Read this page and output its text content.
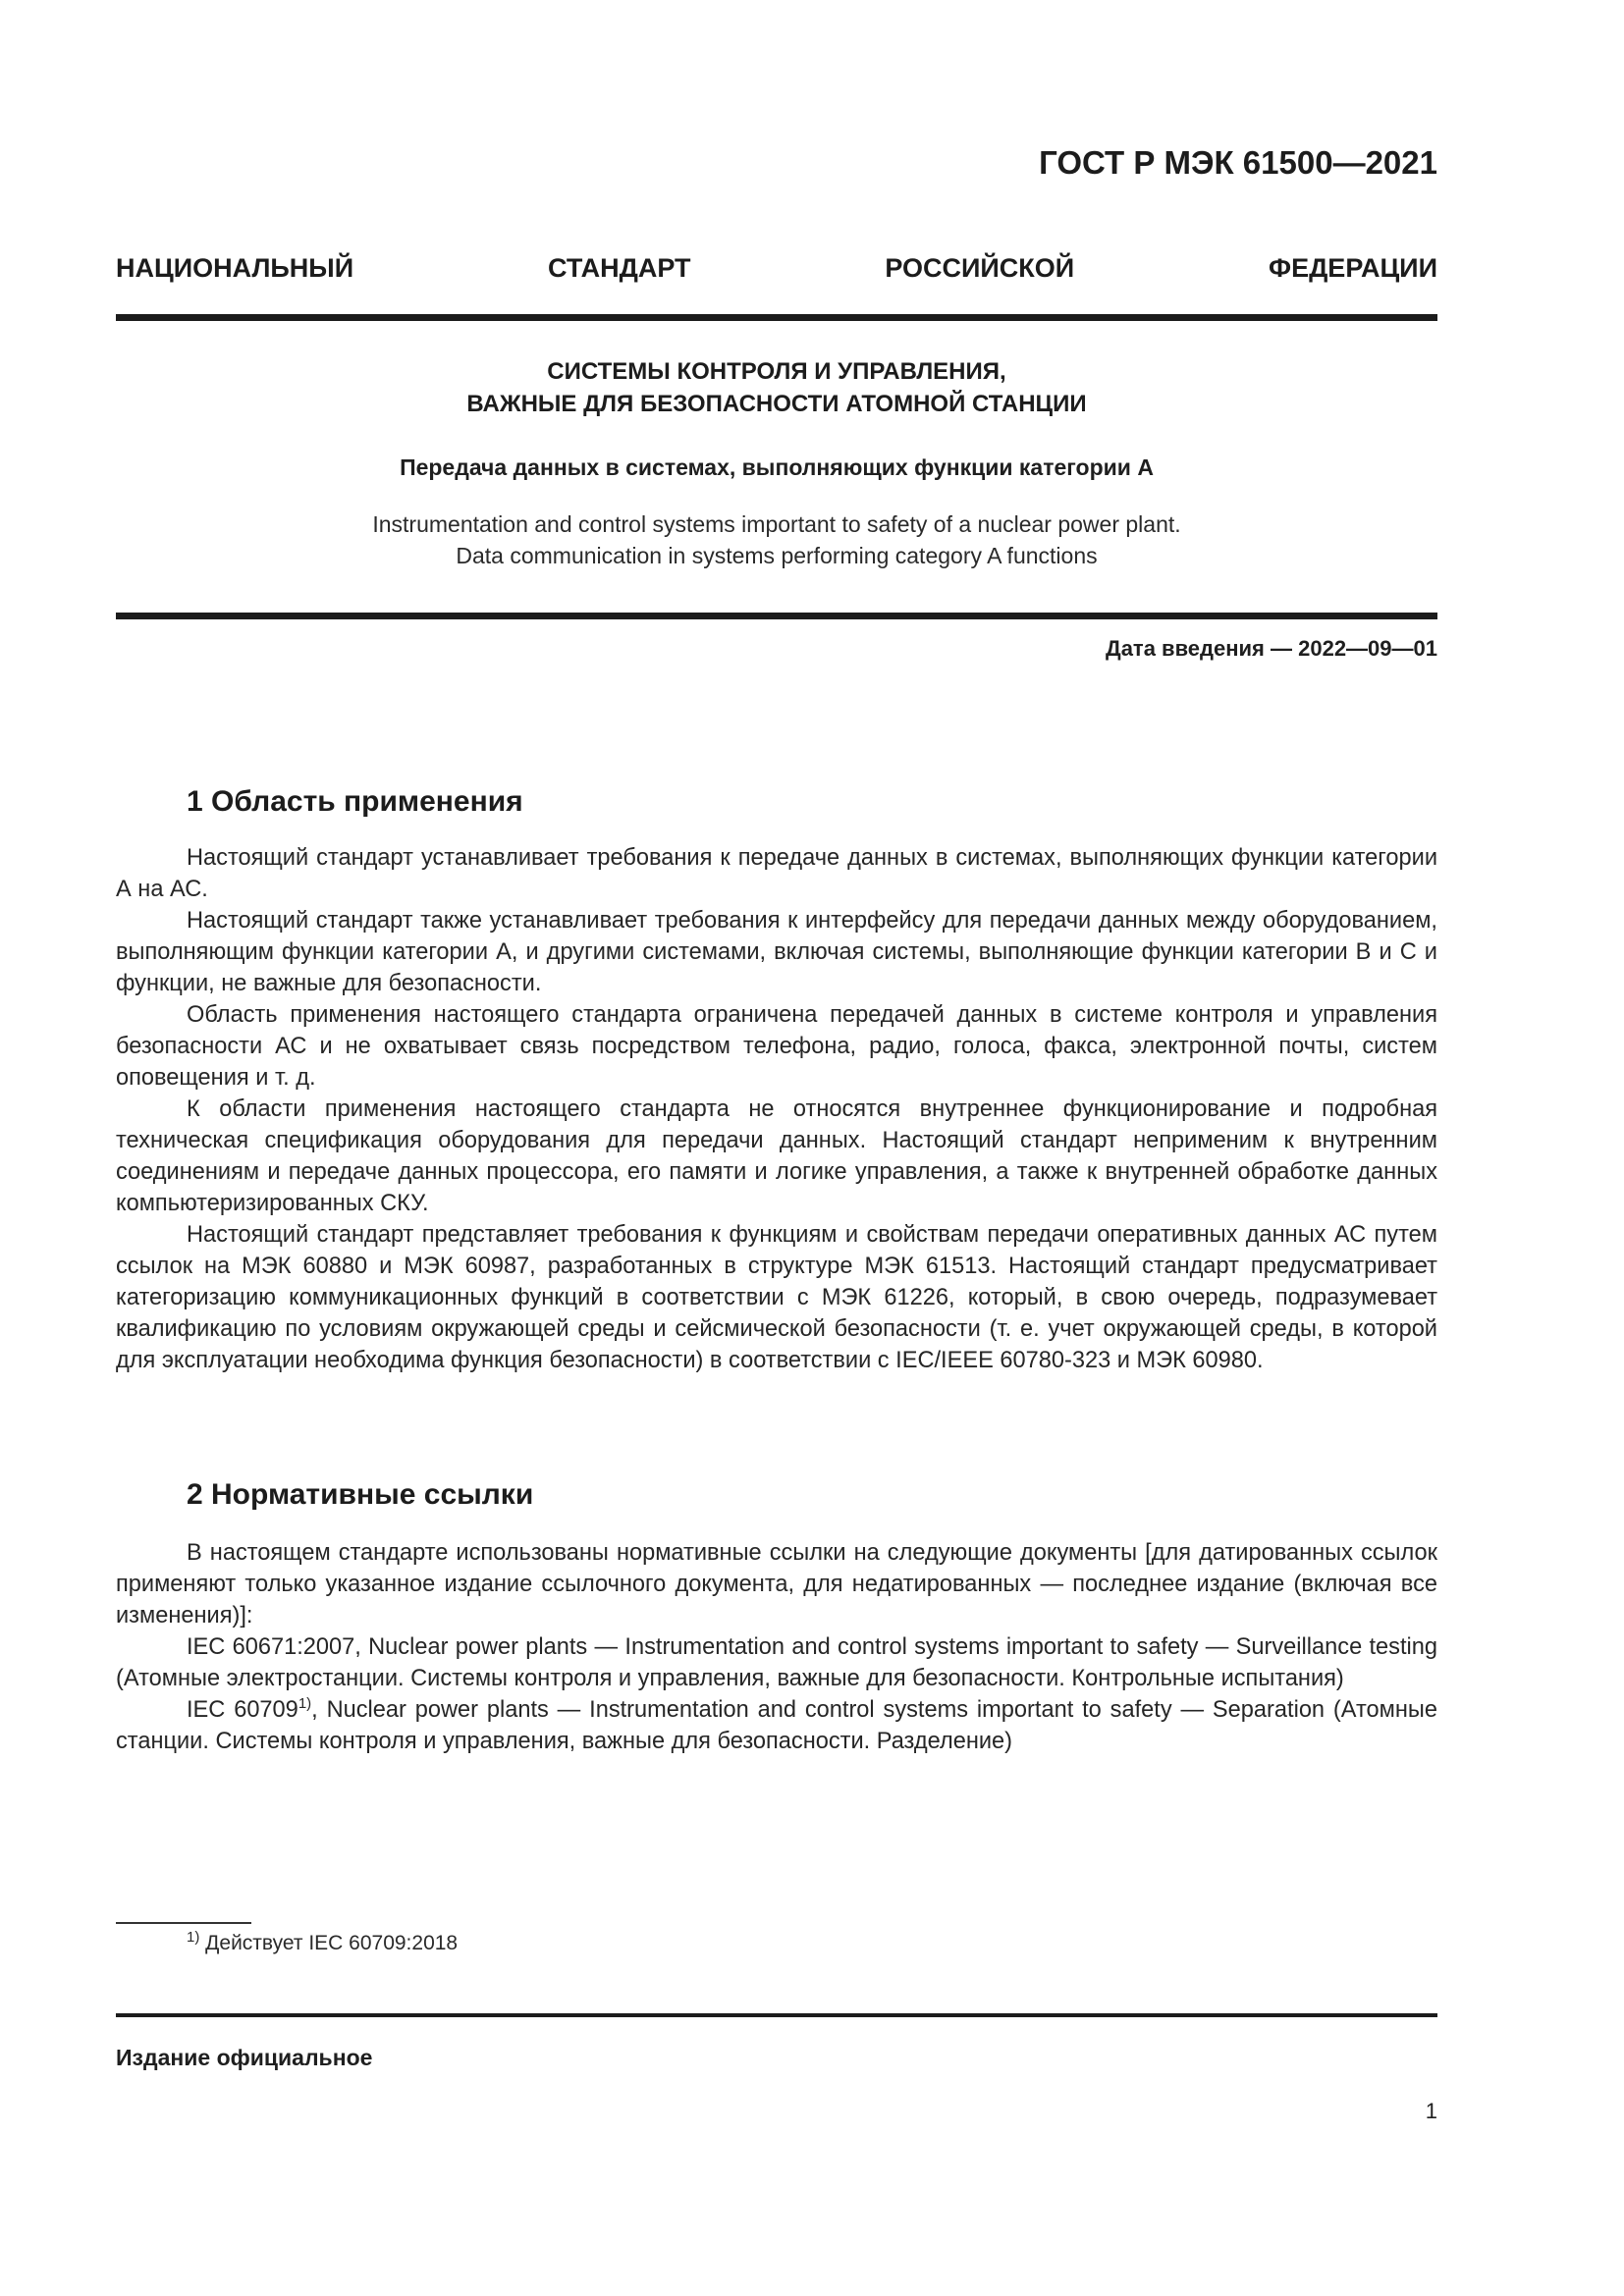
ГОСТ Р МЭК 61500—2021
НАЦИОНАЛЬНЫЙ СТАНДАРТ РОССИЙСКОЙ ФЕДЕРАЦИИ
СИСТЕМЫ КОНТРОЛЯ И УПРАВЛЕНИЯ,
ВАЖНЫЕ ДЛЯ БЕЗОПАСНОСТИ АТОМНОЙ СТАНЦИИ
Передача данных в системах, выполняющих функции категории А
Instrumentation and control systems important to safety of a nuclear power plant.
Data communication in systems performing category A functions
Дата введения — 2022—09—01
1 Область применения

Настоящий стандарт устанавливает требования к передаче данных в системах, выполняющих функции категории А на АС.

Настоящий стандарт также устанавливает требования к интерфейсу для передачи данных между оборудованием, выполняющим функции категории А, и другими системами, включая системы, выполняющие функции категории В и С и функции, не важные для безопасности.

Область применения настоящего стандарта ограничена передачей данных в системе контроля и управления безопасности АС и не охватывает связь посредством телефона, радио, голоса, факса, электронной почты, систем оповещения и т. д.

К области применения настоящего стандарта не относятся внутреннее функционирование и подробная техническая спецификация оборудования для передачи данных. Настоящий стандарт неприменим к внутренним соединениям и передаче данных процессора, его памяти и логике управления, а также к внутренней обработке данных компьютеризированных СКУ.

Настоящий стандарт представляет требования к функциям и свойствам передачи оперативных данных АС путем ссылок на МЭК 60880 и МЭК 60987, разработанных в структуре МЭК 61513. Настоящий стандарт предусматривает категоризацию коммуникационных функций в соответствии с МЭК 61226, который, в свою очередь, подразумевает квалификацию по условиям окружающей среды и сейсмической безопасности (т. е. учет окружающей среды, в которой для эксплуатации необходима функция безопасности) в соответствии с IEC/IEEE 60780-323 и МЭК 60980.

2 Нормативные ссылки

В настоящем стандарте использованы нормативные ссылки на следующие документы [для датированных ссылок применяют только указанное издание ссылочного документа, для недатированных — последнее издание (включая все изменения)]:

IEC 60671:2007, Nuclear power plants — Instrumentation and control systems important to safety — Surveillance testing (Атомные электростанции. Системы контроля и управления, важные для безопасности. Контрольные испытания)

IEC 60709$^{1)}$, Nuclear power plants — Instrumentation and control systems important to safety — Separation (Атомные станции. Системы контроля и управления, важные для безопасности. Разделение)

$^{1)}$ Действует IEC 60709:2018
Издание официальное
1
